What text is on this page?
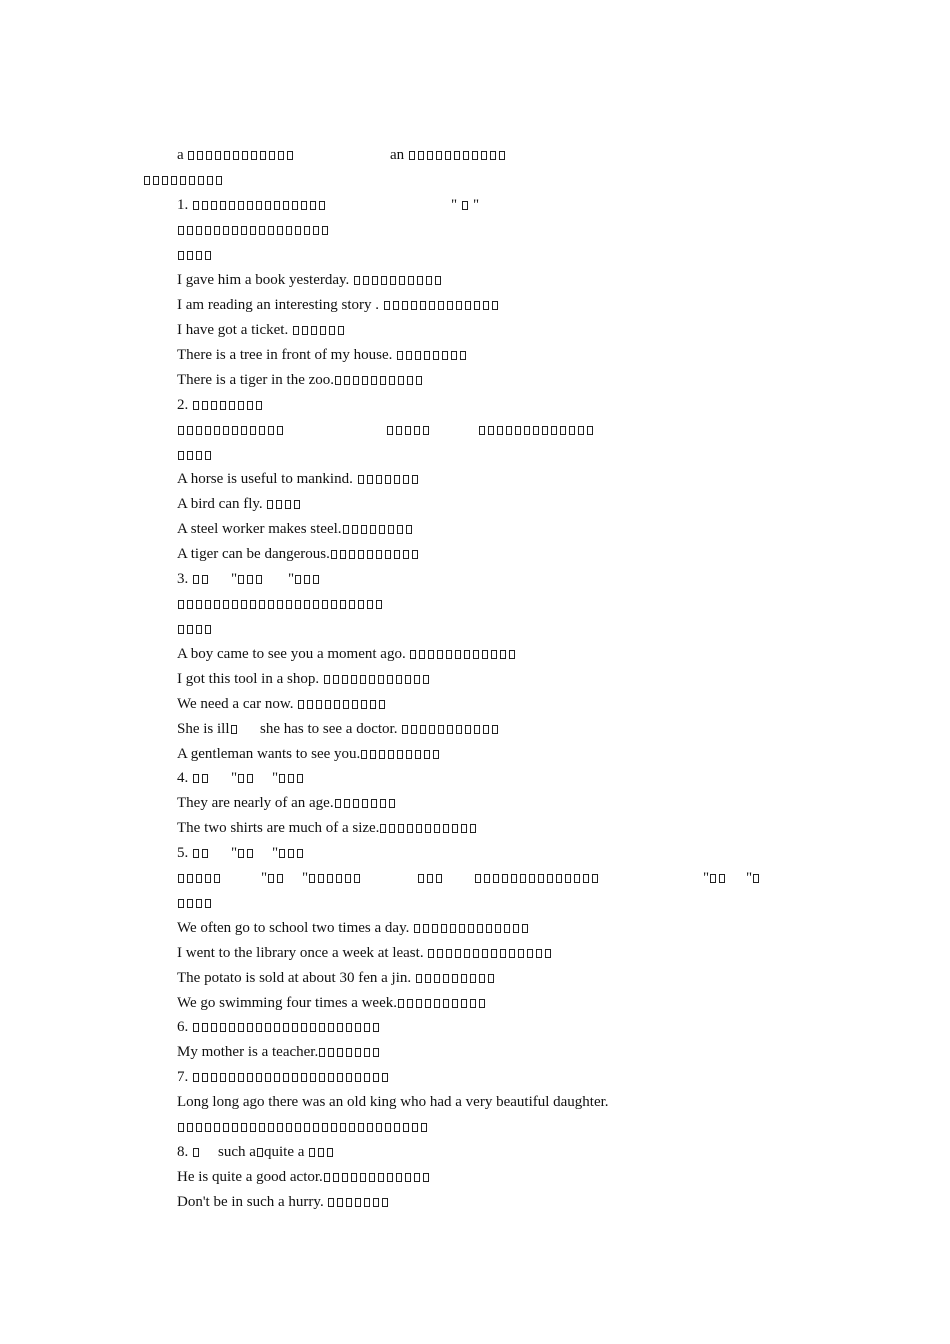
a	an
1.	" "
I gave him a book yesterday.
I am reading an interesting story .
I have got a ticket.
There is a tree in front of my house.
There is a tiger in the zoo.
2.
A horse is useful to mankind.
A bird can fly.
A steel worker makes steel.
A tiger can be dangerous.
3.	"	"
A boy came to see you a moment ago.
I got this tool in a shop.
We need a car now.
She is ill	she has to see a doctor.
A gentleman wants to see you.
4.	"	"
They are nearly of an age.
The two shirts are much of a size.
5.	"	"
"	"	"	"
We often go to school two times a day.
I went to the library once a week at least.
The potato is sold at about 30 fen a jin.
We go swimming four times a week.
6.
My mother is a teacher.
7.
Long long ago there was an old king who had a very beautiful daughter.
8.	such a quite a
He is quite a good actor.
Don't be in such a hurry.
